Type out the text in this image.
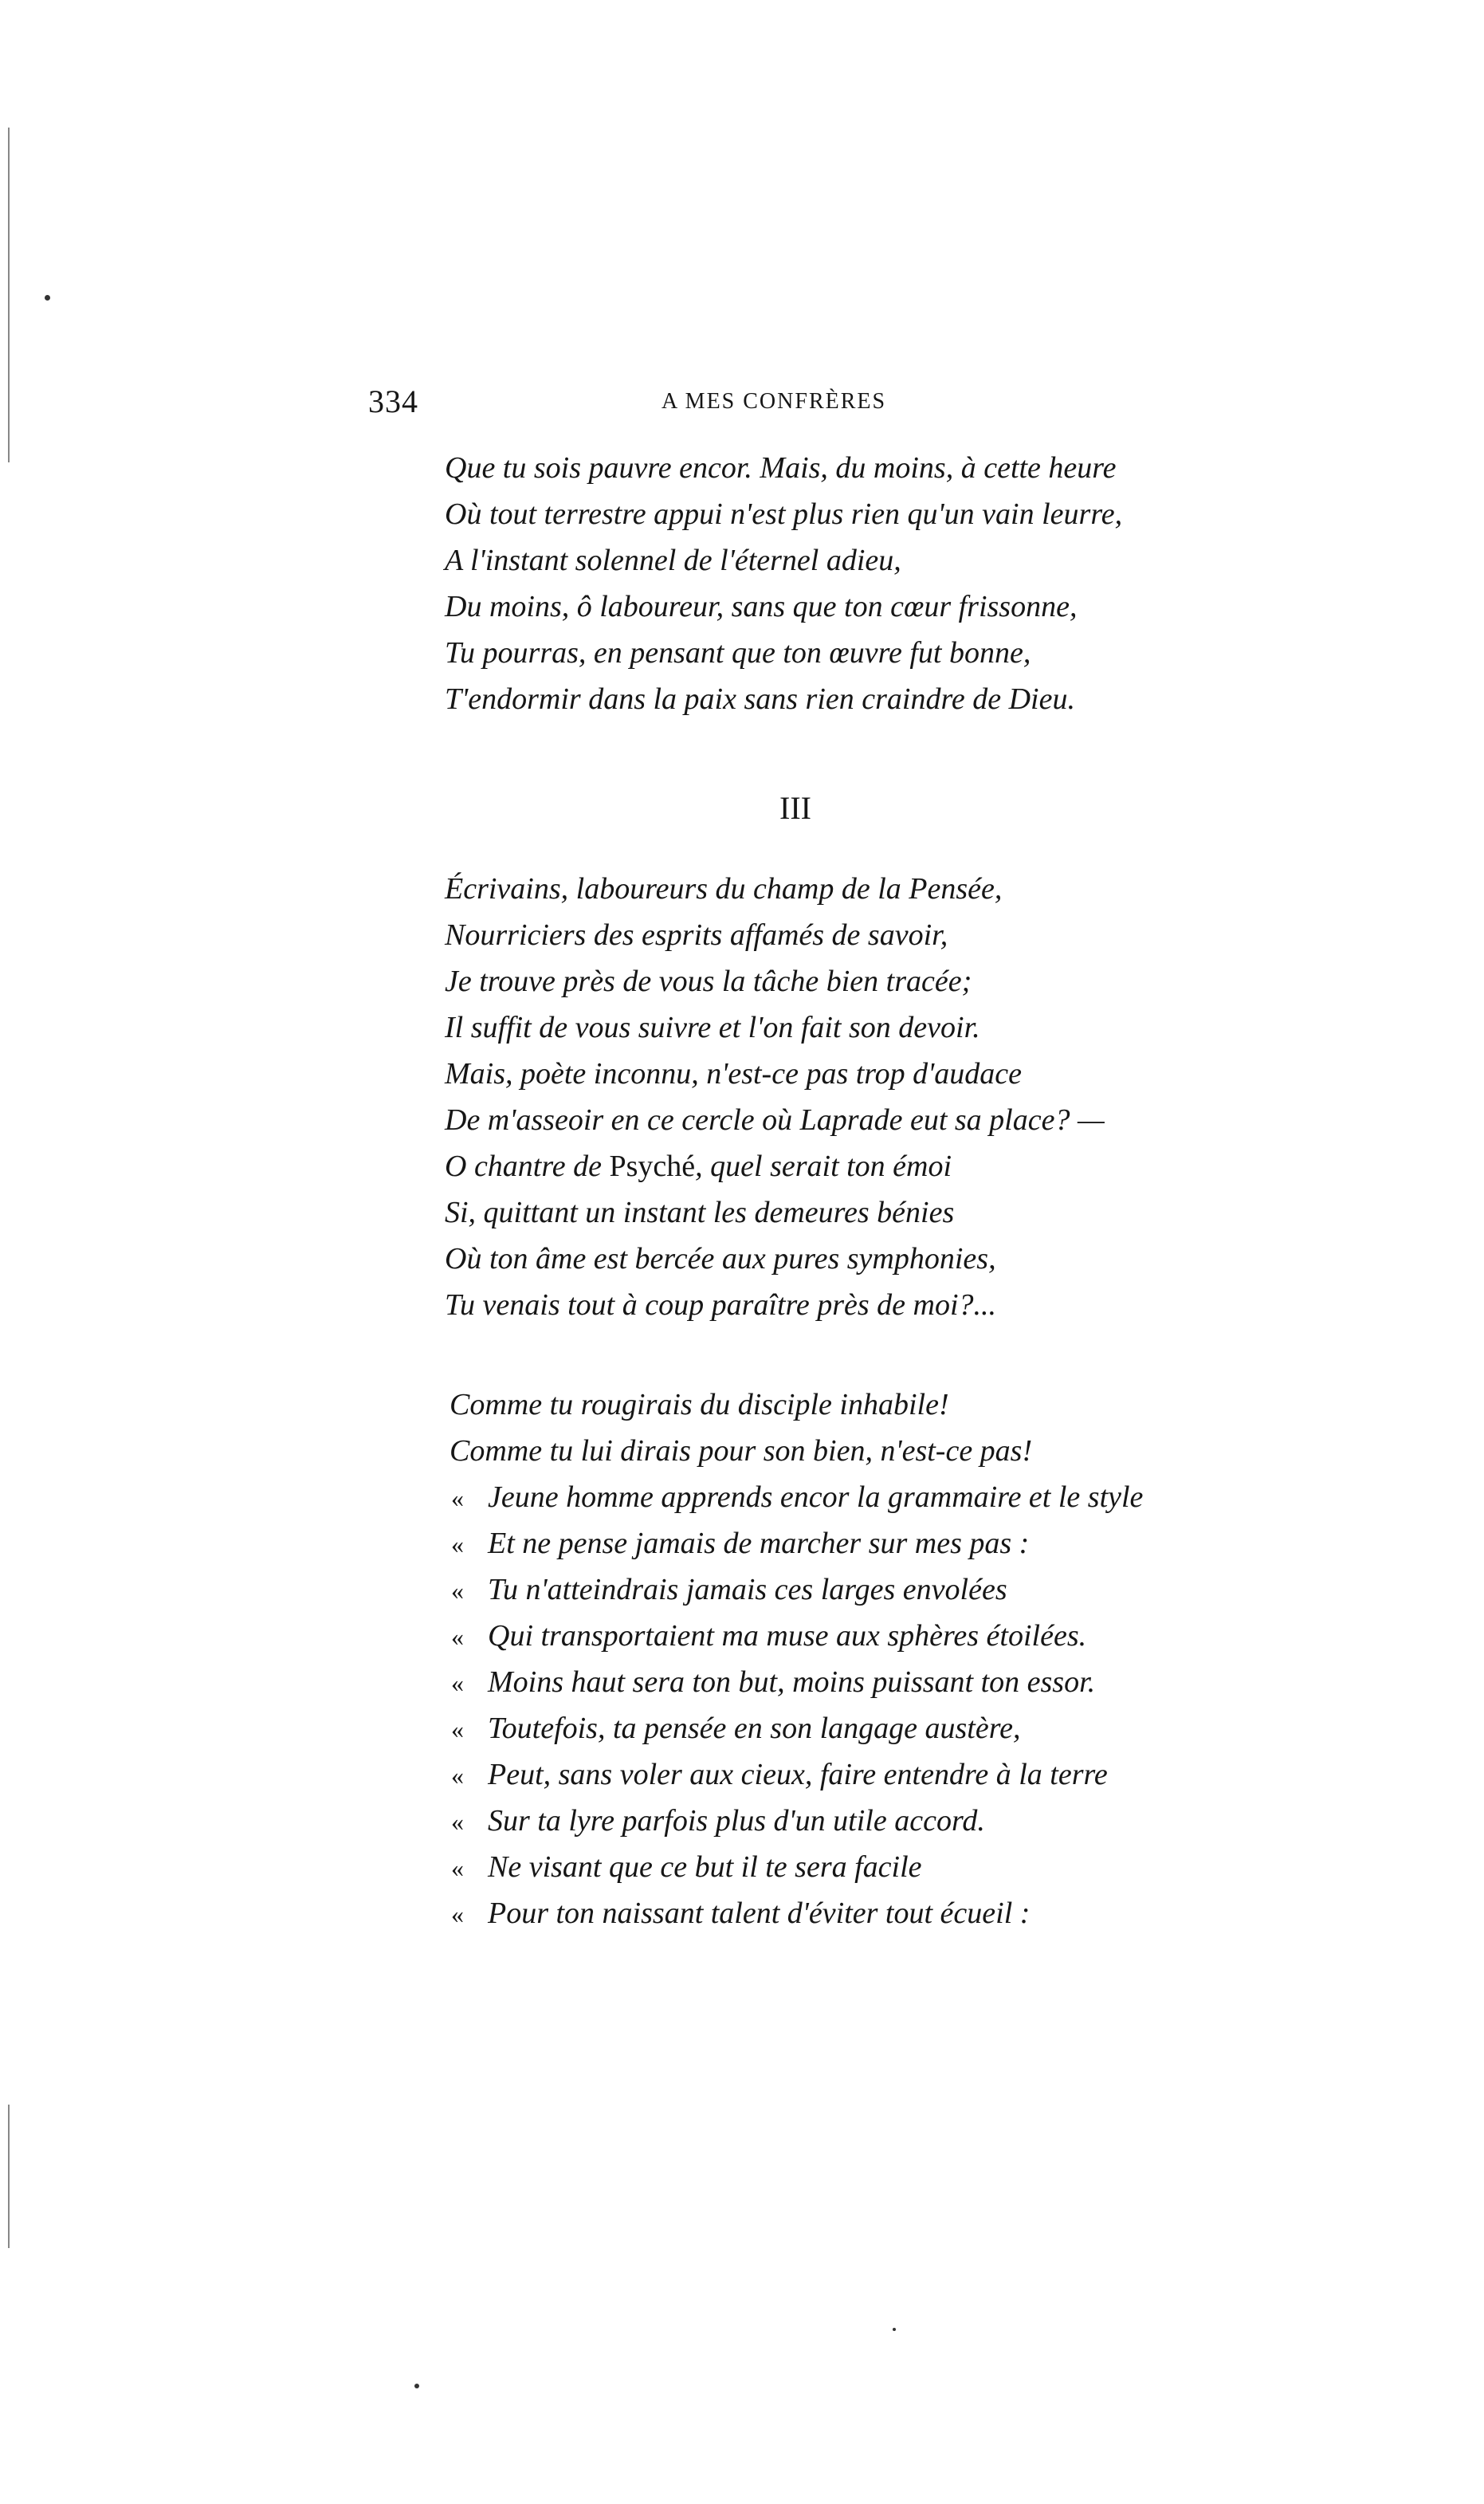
334	A MES CONFRÈRES
Que tu sois pauvre encor. Mais, du moins, à cette heure
Où tout terrestre appui n'est plus rien qu'un vain leurre,
A l'instant solennel de l'éternel adieu,
Du moins, ô laboureur, sans que ton cœur frissonne,
Tu pourras, en pensant que ton œuvre fut bonne,
T'endormir dans la paix sans rien craindre de Dieu.
III
Écrivains, laboureurs du champ de la Pensée,
Nourriciers des esprits affamés de savoir,
Je trouve près de vous la tâche bien tracée;
Il suffit de vous suivre et l'on fait son devoir.
Mais, poète inconnu, n'est-ce pas trop d'audace
De m'asseoir en ce cercle où Laprade eut sa place? —
O chantre de Psyché, quel serait ton émoi
Si, quittant un instant les demeures bénies
Où ton âme est bercée aux pures symphonies,
Tu venais tout à coup paraître près de moi?...
Comme tu rougirais du disciple inhabile!
Comme tu lui dirais pour son bien, n'est-ce pas!
« Jeune homme apprends encor la grammaire et le style
« Et ne pense jamais de marcher sur mes pas :
« Tu n'atteindrais jamais ces larges envolées
« Qui transportaient ma muse aux sphères étoilées.
« Moins haut sera ton but, moins puissant ton essor.
« Toutefois, ta pensée en son langage austère,
« Peut, sans voler aux cieux, faire entendre à la terre
« Sur ta lyre parfois plus d'un utile accord.
« Ne visant que ce but il te sera facile
« Pour ton naissant talent d'éviter tout écueil :
